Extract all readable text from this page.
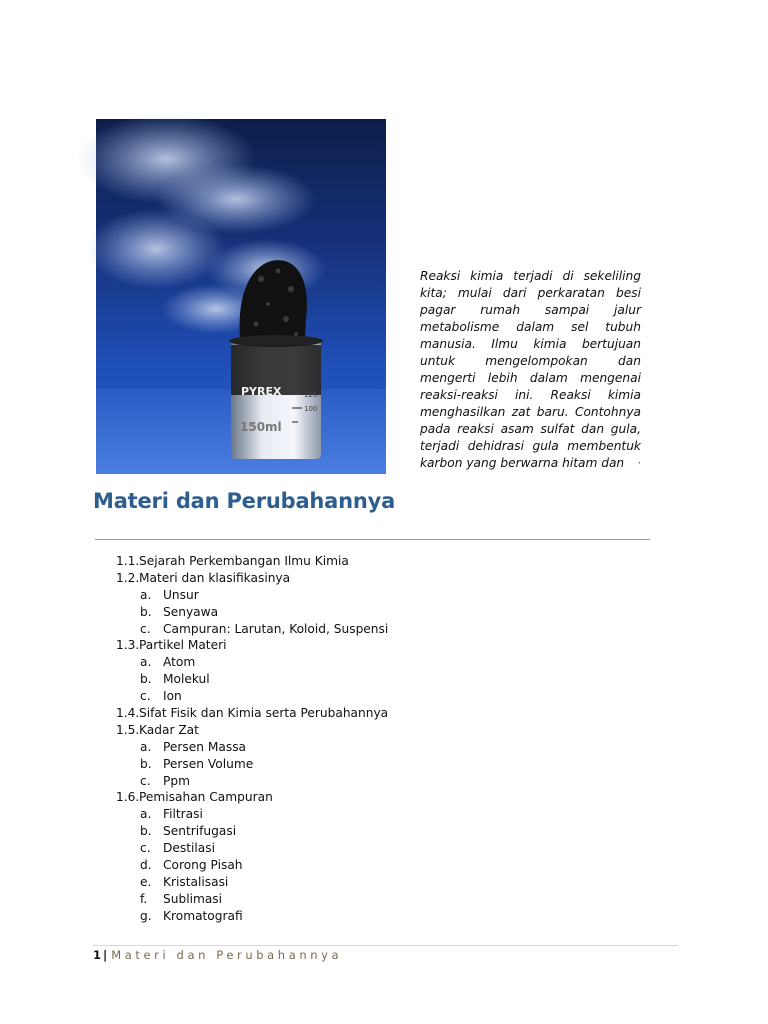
PYREX
150ml
125
100
Reaksi kimia terjadi di sekeliling kita; mulai dari perkaratan besi pagar rumah sampai jalur metabolisme dalam sel tubuh manusia. Ilmu kimia bertujuan untuk mengelompokan dan mengerti lebih dalam mengenai reaksi-reaksi ini. Reaksi kimia menghasilkan zat baru. Contohnya pada reaksi asam sulfat dan gula, terjadi dehidrasi gula membentuk karbon yang berwarna hitam dan	·
Materi dan Perubahannya
1.1.Sejarah Perkembangan Ilmu Kimia
1.2.Materi dan klasifikasinya
a. Unsur
b. Senyawa
c. Campuran: Larutan, Koloid, Suspensi
1.3.Partikel Materi
a. Atom
b. Molekul
c. Ion
1.4.Sifat Fisik dan Kimia serta Perubahannya
1.5.Kadar Zat
a. Persen Massa
b. Persen Volume
c. Ppm
1.6.Pemisahan Campuran
a. Filtrasi
b. Sentrifugasi
c. Destilasi
d. Corong Pisah
e. Kristalisasi
f. Sublimasi
g. Kromatografi
1 | Materi dan Perubahannya
